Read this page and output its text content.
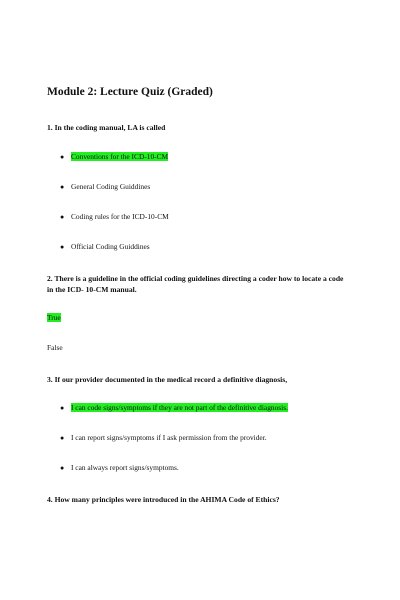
Module 2: Lecture Quiz (Graded)
1. In the coding manual, LA is called
● Conventions for the ICD-10-CM
● General Coding Guiddines
● Coding rules for the ICD-10-CM
● Official Coding Guiddines
2. There is a guideline in the official coding guidelines directing a coder how to locate a code in the ICD- 10-CM manual.
True
False
3. If our provider documented in the medical record a definitive diagnosis,
● I can code signs/symptoms if they are not part of the definitive diagnosis.
● I can report signs/symptoms if I ask permission from the provider.
● I can always report signs/symptoms.
4. How many principles were introduced in the AHIMA Code of Ethics?
